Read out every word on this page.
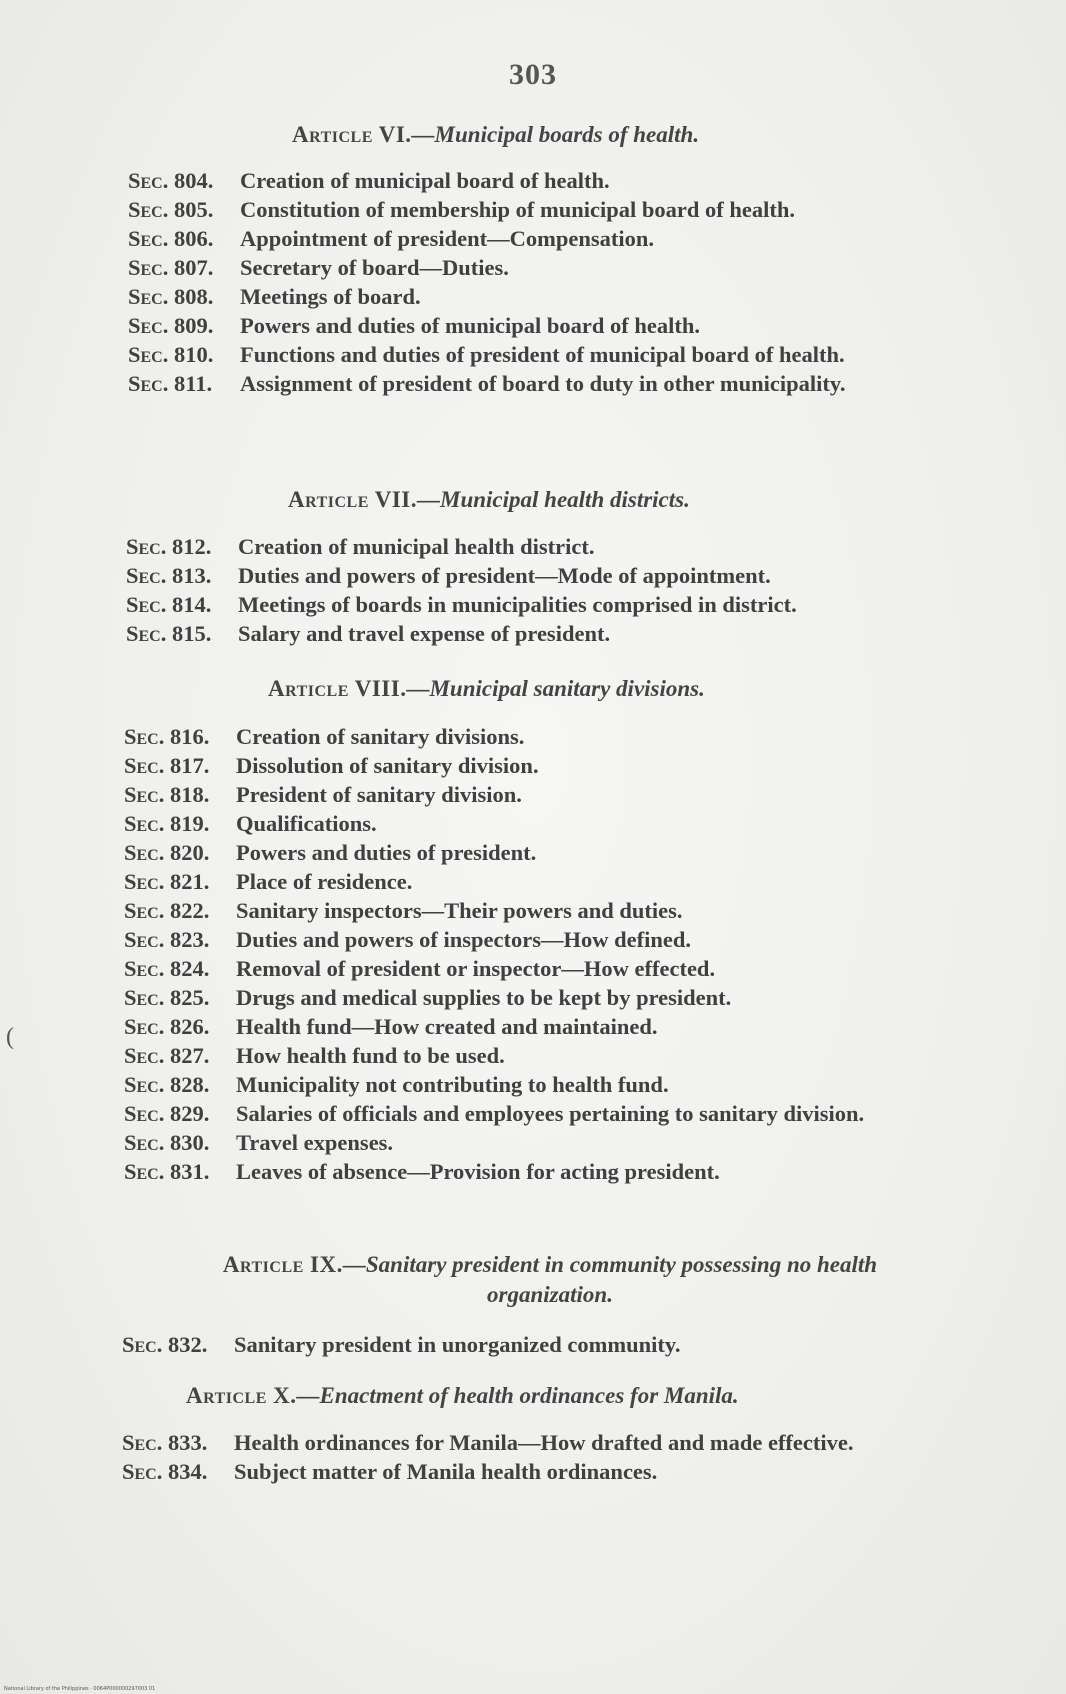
303
Article VI.—Municipal boards of health.
Sec. 804.	Creation of municipal board of health.
Sec. 805.	Constitution of membership of municipal board of health.
Sec. 806.	Appointment of president—Compensation.
Sec. 807.	Secretary of board—Duties.
Sec. 808.	Meetings of board.
Sec. 809.	Powers and duties of municipal board of health.
Sec. 810.	Functions and duties of president of municipal board of health.
Sec. 811.	Assignment of president of board to duty in other municipality.
Article VII.—Municipal health districts.
Sec. 812.	Creation of municipal health district.
Sec. 813.	Duties and powers of president—Mode of appointment.
Sec. 814.	Meetings of boards in municipalities comprised in district.
Sec. 815.	Salary and travel expense of president.
Article VIII.—Municipal sanitary divisions.
Sec. 816.	Creation of sanitary divisions.
Sec. 817.	Dissolution of sanitary division.
Sec. 818.	President of sanitary division.
Sec. 819.	Qualifications.
Sec. 820.	Powers and duties of president.
Sec. 821.	Place of residence.
Sec. 822.	Sanitary inspectors—Their powers and duties.
Sec. 823.	Duties and powers of inspectors—How defined.
Sec. 824.	Removal of president or inspector—How effected.
Sec. 825.	Drugs and medical supplies to be kept by president.
Sec. 826.	Health fund—How created and maintained.
Sec. 827.	How health fund to be used.
Sec. 828.	Municipality not contributing to health fund.
Sec. 829.	Salaries of officials and employees pertaining to sanitary division.
Sec. 830.	Travel expenses.
Sec. 831.	Leaves of absence—Provision for acting president.
Article IX.—Sanitary president in community possessing no health organization.
Sec. 832.	Sanitary president in unorganized community.
Article X.—Enactment of health ordinances for Manila.
Sec. 833.	Health ordinances for Manila—How drafted and made effective.
Sec. 834.	Subject matter of Manila health ordinances.
(
National Library of the Philippines · 0064P000000297003 01
